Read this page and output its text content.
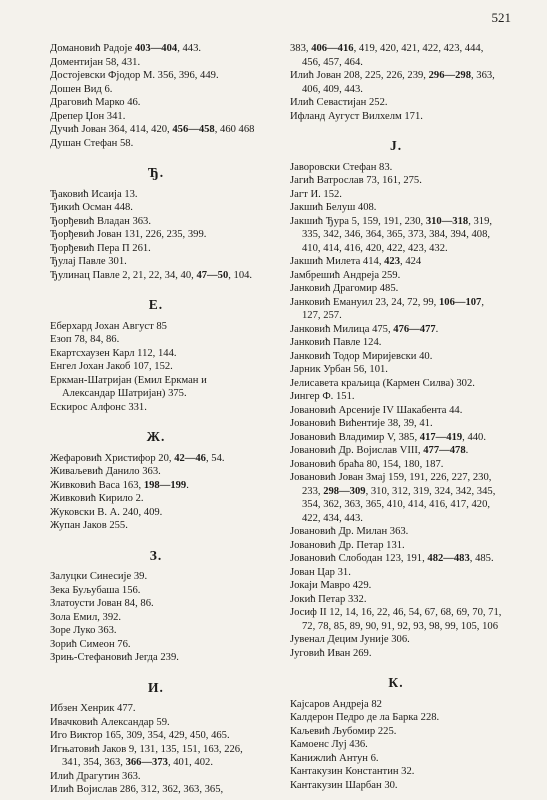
521
Домановић Радоје 403—404, 443.
Доментијан 58, 431.
Достојевски Фјодор М. 356, 396, 449.
Дошен Вид 6.
Драговић Марко 46.
Дрепер Џон 341.
Дучић Јован 364, 414, 420, 456—458, 460 468
Душан Стефан 58.
Ђ.
Ђаковић Исаија 13.
Ђикић Осман 448.
Ђорђевић Владан 363.
Ђорђевић Јован 131, 226, 235, 399.
Ђорђевић Пера П 261.
Ђулај Павле 301.
Ђулинац Павле 2, 21, 22, 34, 40, 47—50, 104.
Е.
Еберхард Јохан Август 85
Езоп 78, 84, 86.
Екартсхаузен Карл 112, 144.
Енгел Јохан Јакоб 107, 152.
Еркман-Шатријан (Емил Еркман и Александар Шатријан) 375.
Ескирос Алфонс 331.
Ж.
Жефаровић Христифор 20, 42—46, 54.
Живаљевић Данило 363.
Живковић Васа 163, 198—199.
Живковић Кирило 2.
Жуковски В. А. 240, 409.
Жупан Јаков 255.
З.
Залуцки Синесије 39.
Зека Буљубаша 156.
Златоусти Јован 84, 86.
Зола Емил, 392.
Зоре Луко 363.
Зорић Симеон 76.
Зрињ-Стефановић Јегда 239.
И.
Ибзен Хенрик 477.
Ивачковић Александар 59.
Иго Виктор 165, 309, 354, 429, 450, 465.
Игњатовић Јаков 9, 131, 135, 151, 163, 226, 341, 354, 363, 366—373, 401, 402.
Илић Драгутин 363.
Илић Војислав 286, 312, 362, 363, 365,
383, 406—416, 419, 420, 421, 422, 423, 444, 456, 457, 464.
Илић Јован 208, 225, 226, 239, 296—298, 363, 406, 409, 443.
Илић Севастијан 252.
Ифланд Аугуст Вилхелм 171.
Ј.
Јаворовски Стефан 83.
Јагић Ватрослав 73, 161, 275.
Јагт И. 152.
Јакшић Белуш 408.
Јакшић Ђура 5, 159, 191, 230, 310—318, 319, 335, 342, 346, 364, 365, 373, 384, 394, 408, 410, 414, 416, 420, 422, 423, 432.
Јакшић Милета 414, 423, 424
Јамбрешић Андреја 259.
Јанковић Драгомир 485.
Јанковић Емануил 23, 24, 72, 99, 106—107, 127, 257.
Јанковић Милица 475, 476—477.
Јанковић Павле 124.
Јанковић Тодор Миријевски 40.
Јарник Урбан 56, 101.
Јелисавета краљица (Кармен Силва) 302.
Јингер Ф. 151.
Јовановић Арсеније IV Шакабента 44.
Јовановић Вићентије 38, 39, 41.
Јовановић Владимир V, 385, 417—419, 440.
Јовановић Др. Војислав VIII, 477—478.
Јовановић браћа 80, 154, 180, 187.
Јовановић Јован Змај 159, 191, 226, 227, 230, 233, 298—309, 310, 312, 319, 324, 342, 345, 354, 362, 363, 365, 410, 414, 416, 417, 420, 422, 434, 443.
Јовановић Др. Милан 363.
Јовановић Др. Петар 131.
Јовановић Слободан 123, 191, 482—483, 485.
Јован Цар 31.
Јокаји Мавро 429.
Јокић Петар 332.
Јосиф II 12, 14, 16, 22, 46, 54, 67, 68, 69, 70, 71, 72, 78, 85, 89, 90, 91, 92, 93, 98, 99, 105, 106
Јувенал Децим Јуније 306.
Југовић Иван 269.
К.
Кајсаров Андреја 82
Калдерон Педро де ла Барка 228.
Каљевић Љубомир 225.
Камоенс Луј 436.
Канижлић Антун 6.
Кантакузин Константин 32.
Кантакузин Шарбан 30.
